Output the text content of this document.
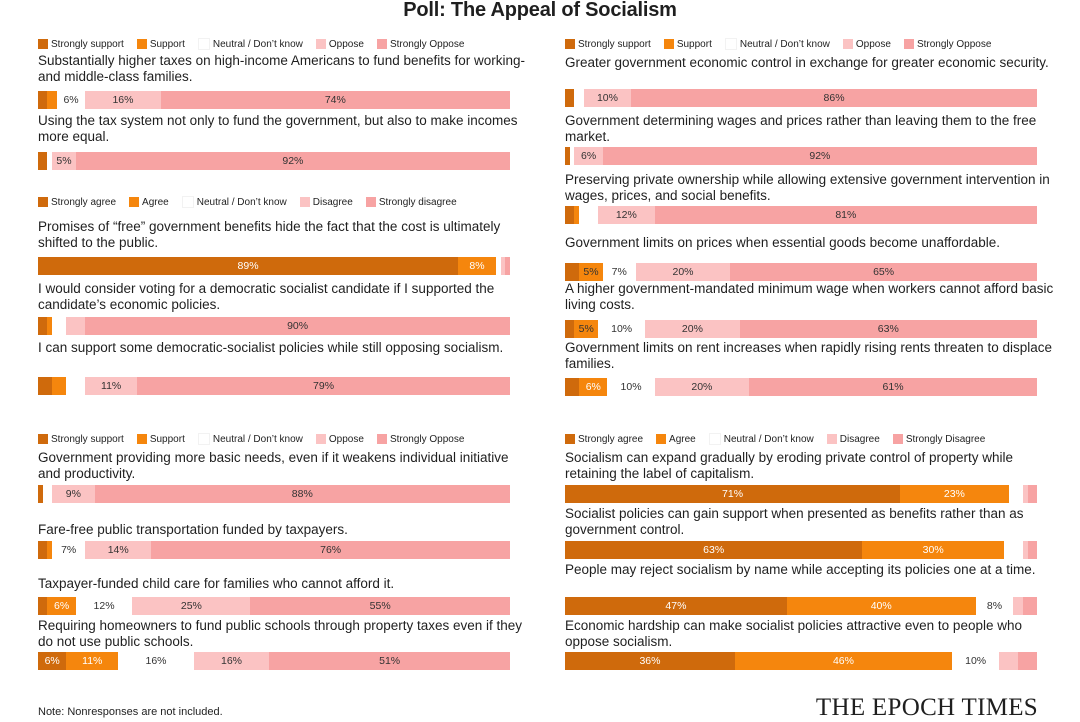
Poll: The Appeal of Socialism
Strongly support	Support	Neutral / Don’t know	Oppose	Strongly Oppose
Substantially higher taxes on high-income Americans to fund benefits for working- and middle-class families.
6%	16%	74%
Using the tax system not only to fund the government, but also to make incomes more equal.
5%	92%
Strongly support	Support	Neutral / Don’t know	Oppose	Strongly Oppose
Greater government economic control in exchange for greater economic security.
10%	86%
Government determining wages and prices rather than leaving them to the free market.
6%	92%
Preserving private ownership while allowing extensive government intervention in wages, prices, and social benefits.
12%	81%
Government limits on prices when essential goods become unaffordable.
5%	7%	20%	65%
A higher government-mandated minimum wage when workers cannot afford basic living costs.
5%	10%	20%	63%
Government limits on rent increases when rapidly rising rents threaten to displace families.
6%	10%	20%	61%
Strongly agree	Agree	Neutral / Don’t know	Disagree	Strongly disagree
Promises of “free” government benefits hide the fact that the cost is ultimately shifted to the public.
89%	8%
I would consider voting for a democratic socialist candidate if I supported the candidate’s economic policies.
90%
I can support some democratic-socialist policies while still opposing socialism.
11%	79%
Strongly support	Support	Neutral / Don’t know	Oppose	Strongly Oppose
Government providing more basic needs, even if it weakens individual initiative and productivity.
9%	88%
Fare-free public transportation funded by taxpayers.
7%	14%	76%
Taxpayer-funded child care for families who cannot afford it.
6%	12%	25%	55%
Requiring homeowners to fund public schools through property taxes even if they do not use public schools.
6%	11%	16%	16%	51%
Strongly agree	Agree	Neutral / Don’t know	Disagree	Strongly Disagree
Socialism can expand gradually by eroding private control of property while retaining the label of capitalism.
71%	23%
Socialist policies can gain support when presented as benefits rather than as government control.
63%	30%
People may reject socialism by name while accepting its policies one at a time.
47%	40%	8%
Economic hardship can make socialist policies attractive even to people who oppose socialism.
36%	46%	10%
Note: Nonresponses are not included.	THE EPOCH TIMES
